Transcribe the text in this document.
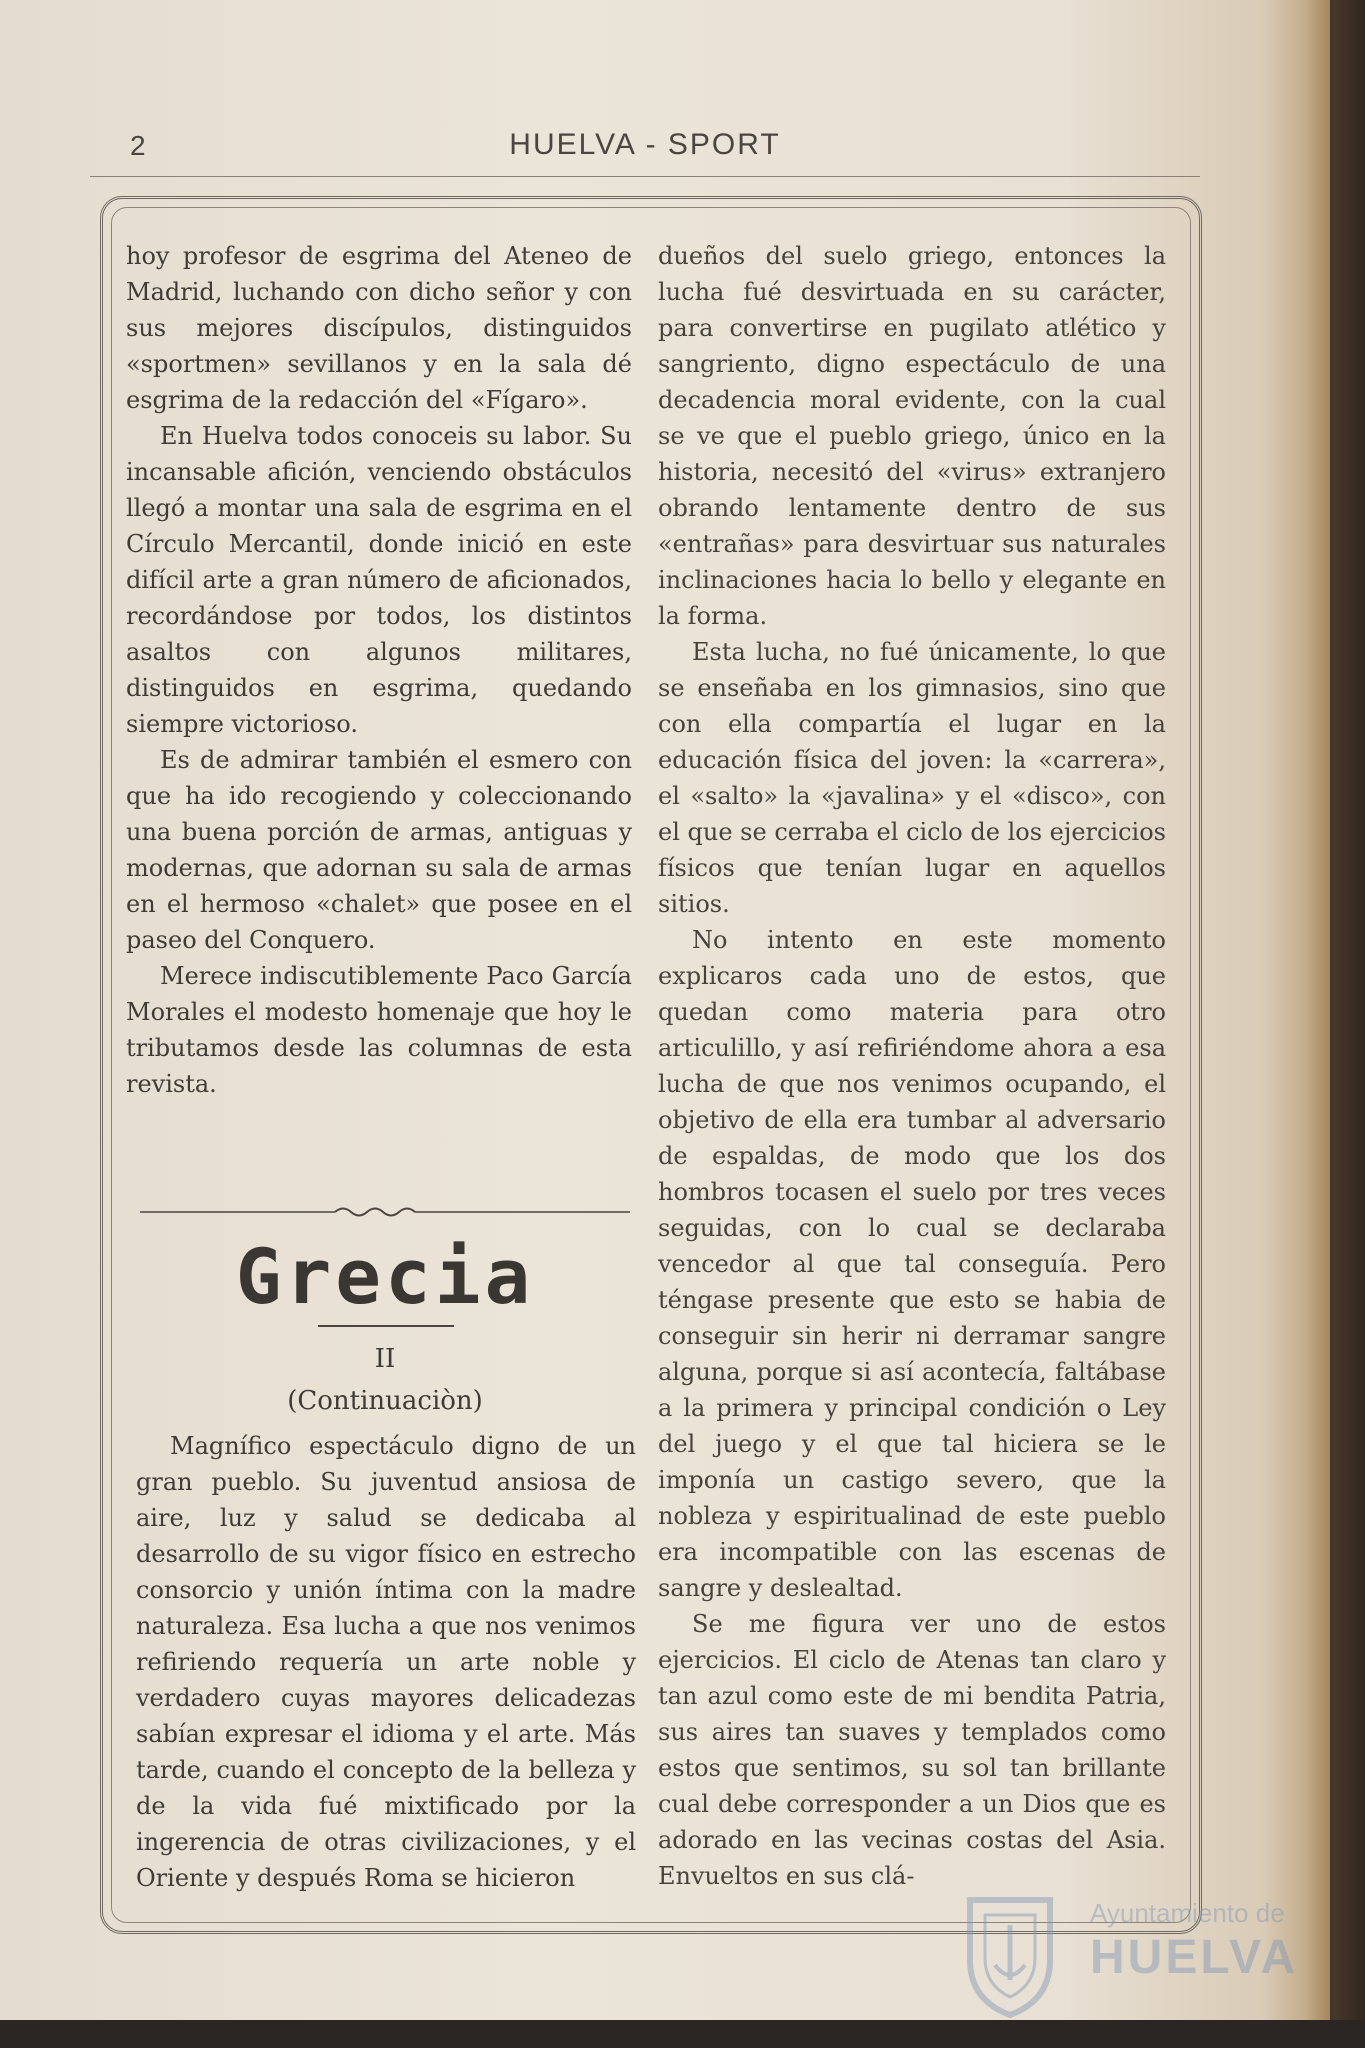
2	HUELVA - SPORT

hoy profesor de esgrima del Ateneo de Madrid, luchando con dicho señor y con sus mejores discípulos, distinguidos «sportmen» sevillanos y en la sala dé esgrima de la redacción del «Fígaro».

En Huelva todos conoceis su labor. Su incansable afición, venciendo obstáculos llegó a montar una sala de esgrima en el Círculo Mercantil, donde inició en este difícil arte a gran número de aficionados, recordándose por todos, los distintos asaltos con algunos militares, distinguidos en esgrima, quedando siempre victorioso.

Es de admirar también el esmero con que ha ido recogiendo y coleccionando una buena porción de armas, antiguas y modernas, que adornan su sala de armas en el hermoso «chalet» que posee en el paseo del Conquero.

Merece indiscutiblemente Paco García Morales el modesto homenaje que hoy le tributamos desde las columnas de esta revista.

Grecia
II
(Continuaciòn)

Magnífico espectáculo digno de un gran pueblo. Su juventud ansiosa de aire, luz y salud se dedicaba al desarrollo de su vigor físico en estrecho consorcio y unión íntima con la madre naturaleza. Esa lucha a que nos venimos refiriendo requería un arte noble y verdadero cuyas mayores delicadezas sabían expresar el idioma y el arte. Más tarde, cuando el concepto de la belleza y de la vida fué mixtificado por la ingerencia de otras civilizaciones, y el Oriente y después Roma se hicieron

dueños del suelo griego, entonces la lucha fué desvirtuada en su carácter, para convertirse en pugilato atlético y sangriento, digno espectáculo de una decadencia moral evidente, con la cual se ve que el pueblo griego, único en la historia, necesitó del «virus» extranjero obrando lentamente dentro de sus «entrañas» para desvirtuar sus naturales inclinaciones hacia lo bello y elegante en la forma.

Esta lucha, no fué únicamente, lo que se enseñaba en los gimnasios, sino que con ella compartía el lugar en la educación física del joven: la «carrera», el «salto» la «javalina» y el «disco», con el que se cerraba el ciclo de los ejercicios físicos que tenían lugar en aquellos sitios.

No intento en este momento explicaros cada uno de estos, que quedan como materia para otro articulillo, y así refiriéndome ahora a esa lucha de que nos venimos ocupando, el objetivo de ella era tumbar al adversario de espaldas, de modo que los dos hombros tocasen el suelo por tres veces seguidas, con lo cual se declaraba vencedor al que tal conseguía. Pero téngase presente que esto se habia de conseguir sin herir ni derramar sangre alguna, porque si así acontecía, faltábase a la primera y principal condición o Ley del juego y el que tal hiciera se le imponía un castigo severo, que la nobleza y espiritualinad de este pueblo era incompatible con las escenas de sangre y deslealtad.

Se me figura ver uno de estos ejercicios. El ciclo de Atenas tan claro y tan azul como este de mi bendita Patria, sus aires tan suaves y templados como estos que sentimos, su sol tan brillante cual debe corresponder a un Dios que es adorado en las vecinas costas del Asia. Envueltos en sus clá-

Ayuntamiento de
HUELVA
